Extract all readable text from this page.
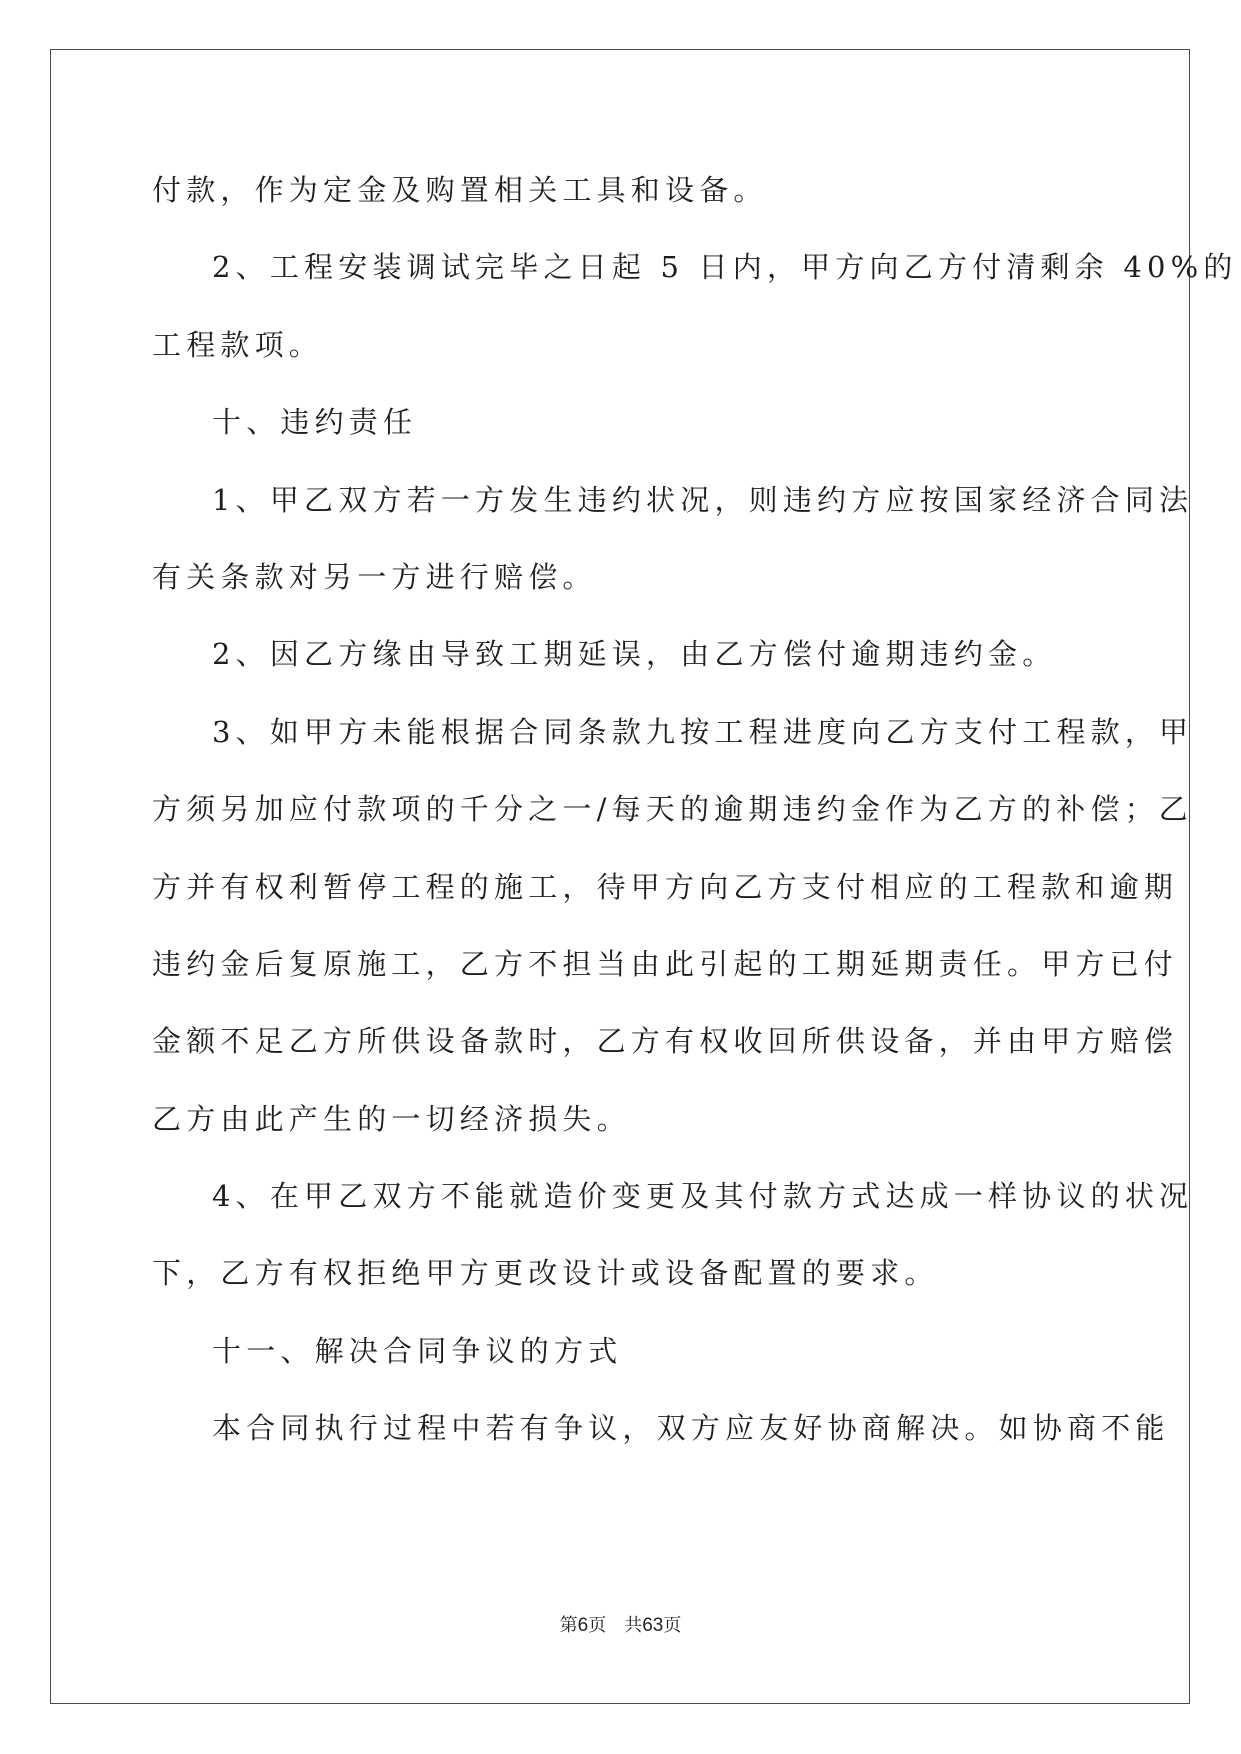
付款，作为定金及购置相关工具和设备。
2、工程安装调试完毕之日起 5 日内，甲方向乙方付清剩余 40%的
工程款项。
十、违约责任
1、甲乙双方若一方发生违约状况，则违约方应按国家经济合同法
有关条款对另一方进行赔偿。
2、因乙方缘由导致工期延误，由乙方偿付逾期违约金。
3、如甲方未能根据合同条款九按工程进度向乙方支付工程款，甲
方须另加应付款项的千分之一/每天的逾期违约金作为乙方的补偿；乙
方并有权利暂停工程的施工，待甲方向乙方支付相应的工程款和逾期
违约金后复原施工，乙方不担当由此引起的工期延期责任。甲方已付
金额不足乙方所供设备款时，乙方有权收回所供设备，并由甲方赔偿
乙方由此产生的一切经济损失。
4、在甲乙双方不能就造价变更及其付款方式达成一样协议的状况
下，乙方有权拒绝甲方更改设计或设备配置的要求。
十一、解决合同争议的方式
本合同执行过程中若有争议，双方应友好协商解决。如协商不能
第6页 共63页
